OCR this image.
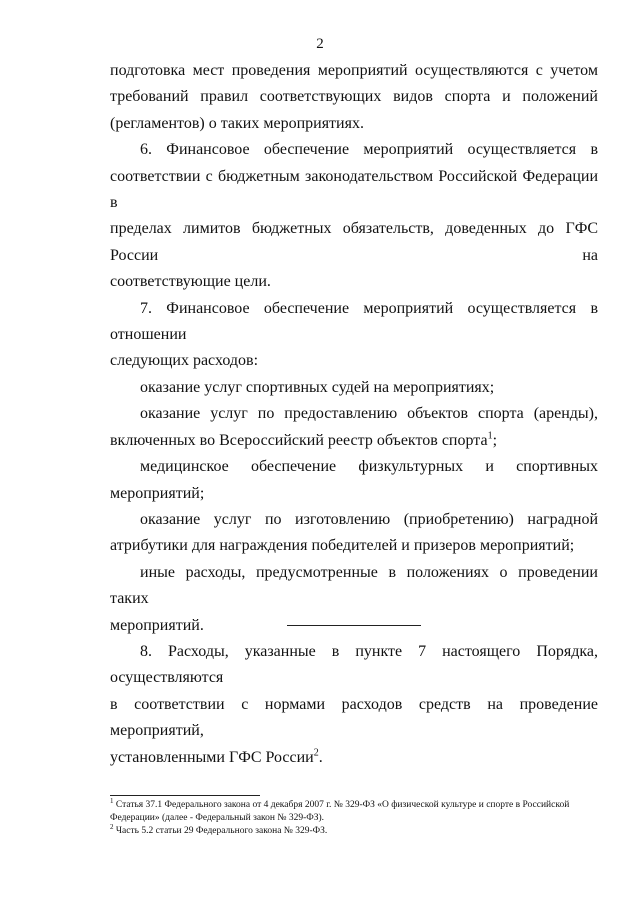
2

подготовка мест проведения мероприятий осуществляются с учетом
требований правил соответствующих видов спорта и положений
(регламентов) о таких мероприятиях.

6. Финансовое обеспечение мероприятий осуществляется в

соответствии с бюджетным законодательством Российской Федерации в
пределах лимитов бюджетных обязательств, доведенных до ГФС России на
соответствующие цели.

7. Финансовое обеспечение мероприятий осуществляется в отношении

следующих расходов:

оказание услуг спортивных судей на мероприятиях;

оказание услуг по предоставлению объектов спорта (аренды),

включенных во Всероссийский реестр объектов спорта$^1$;

медицинское обеспечение физкультурных и спортивных мероприятий;

оказание услуг по изготовлению (приобретению) наградной

атрибутики для награждения победителей и призеров мероприятий;

иные расходы, предусмотренные в положениях о проведении таких

мероприятий.

8. Расходы, указанные в пункте 7 настоящего Порядка, осуществляются

в соответствии с нормами расходов средств на проведение мероприятий,
установленными ГФС России$^2$.

$^1$ Статья 37.1 Федерального закона от 4 декабря 2007 г. № 329-ФЗ «О физической культуре и спорте в Российской Федерации» (далее - Федеральный закон № 329-ФЗ).

$^2$ Часть 5.2 статьи 29 Федерального закона № 329-ФЗ.
